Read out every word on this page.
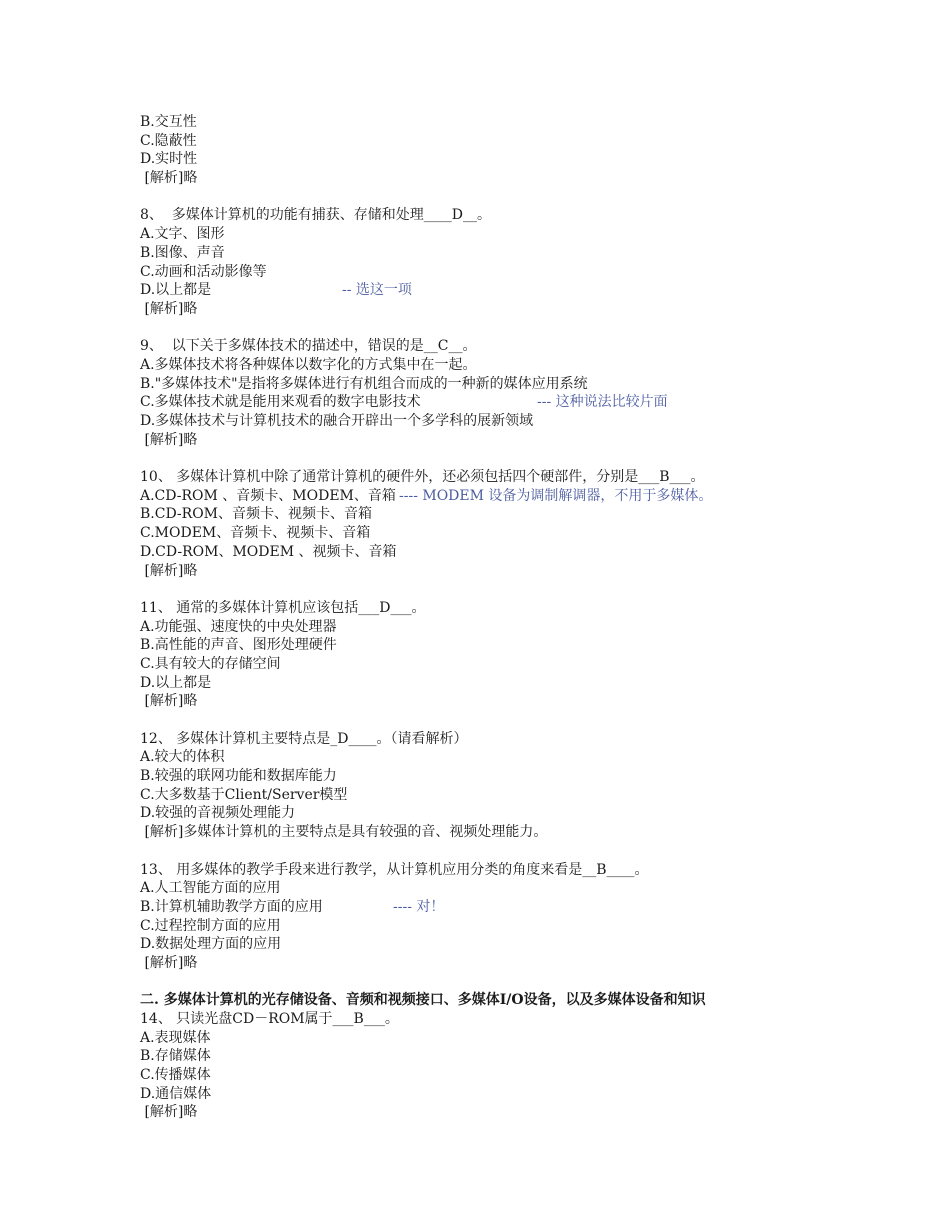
B.交互性
C.隐蔽性
D.实时性
[解析]略
8、  多媒体计算机的功能有捕获、存储和处理____D__。
A.文字、图形
B.图像、声音
C.动画和活动影像等
D.以上都是	-- 选这一项
[解析]略
9、  以下关于多媒体技术的描述中，错误的是__C__。
A.多媒体技术将各种媒体以数字化的方式集中在一起。
B."多媒体技术"是指将多媒体进行有机组合而成的一种新的媒体应用系统
C.多媒体技术就是能用来观看的数字电影技术	--- 这种说法比较片面
D.多媒体技术与计算机技术的融合开辟出一个多学科的展新领域
[解析]略
10、 多媒体计算机中除了通常计算机的硬件外，还必须包括四个硬部件，分别是___B___。
A.CD-ROM 、音频卡、MODEM、音箱 ---- MODEM 设备为调制解调器，不用于多媒体。
B.CD-ROM、音频卡、视频卡、音箱
C.MODEM、音频卡、视频卡、音箱
D.CD-ROM、MODEM 、视频卡、音箱
[解析]略
11、 通常的多媒体计算机应该包括___D___。
A.功能强、速度快的中央处理器
B.高性能的声音、图形处理硬件
C.具有较大的存储空间
D.以上都是
[解析]略
12、 多媒体计算机主要特点是_D____。（请看解析）
A.较大的体积
B.较强的联网功能和数据库能力
C.大多数基于Client/Server模型
D.较强的音视频处理能力
[解析]多媒体计算机的主要特点是具有较强的音、视频处理能力。
13、 用多媒体的教学手段来进行教学，从计算机应用分类的角度来看是__B____。
A.人工智能方面的应用
B.计算机辅助教学方面的应用	---- 对！
C.过程控制方面的应用
D.数据处理方面的应用
[解析]略
二. 多媒体计算机的光存储设备、音频和视频接口、多媒体I/O设备，以及多媒体设备和知识
14、 只读光盘CD－ROM属于___B___。
A.表现媒体
B.存储媒体
C.传播媒体
D.通信媒体
[解析]略
